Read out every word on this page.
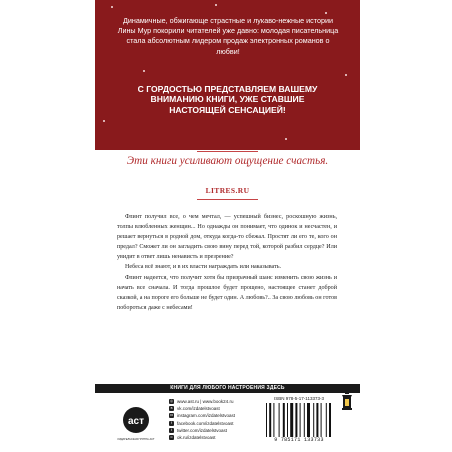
Динамичные, обжигающе страстные и лукаво-нежные истории Лины Мур покорили читателей уже давно: молодая писательница стала абсолютным лидером продаж электронных романов о любви!
С ГОРДОСТЬЮ ПРЕДСТАВЛЯЕМ ВАШЕМУ ВНИМАНИЮ КНИГИ, УЖЕ СТАВШИЕ НАСТОЯЩЕЙ СЕНСАЦИЕЙ!
Эти книги усиливают ощущение счастья.
LITRES.RU

Флинт получил все, о чем мечтал, — успешный бизнес, роскошную жизнь, толпы влюбленных женщин... Но однажды он понимает, что одинок и несчастен, и решает вернуться в родной дом, откуда когда-то сбежал. Простят ли его те, кого он предал? Сможет ли он загладить свою вину перед той, которой разбил сердце? Или увидит в ответ лишь ненависть и презрение?

Небеса всё знают, и в их власти награждать или наказывать.

Флинт надеется, что получит хотя бы призрачный шанс изменить свою жизнь и начать все сначала. И тогда прошлое будет прощено, настоящее станет доброй сказкой, а на пороге его больше не будет один. А любовь?.. За свою любовь он готов побороться даже с небесами!

КНИГИ ДЛЯ ЛЮБОГО НАСТРОЕНИЯ ЗДЕСЬ
аст
ИЗДАТЕЛЬСКАЯ ГРУППА АСТ
◎ www.ast.ru | www.book24.ru
в	vk.com/izdatelstvoast
◘ instagram.com/izdatelstvoast
f	facebook.com/izdatelstvoast
t	twitter.com/izdatelstvoast
о	ok.ru/izdatelstvoast
ISBN 978-5-17-113373-3
9 785171 133733
